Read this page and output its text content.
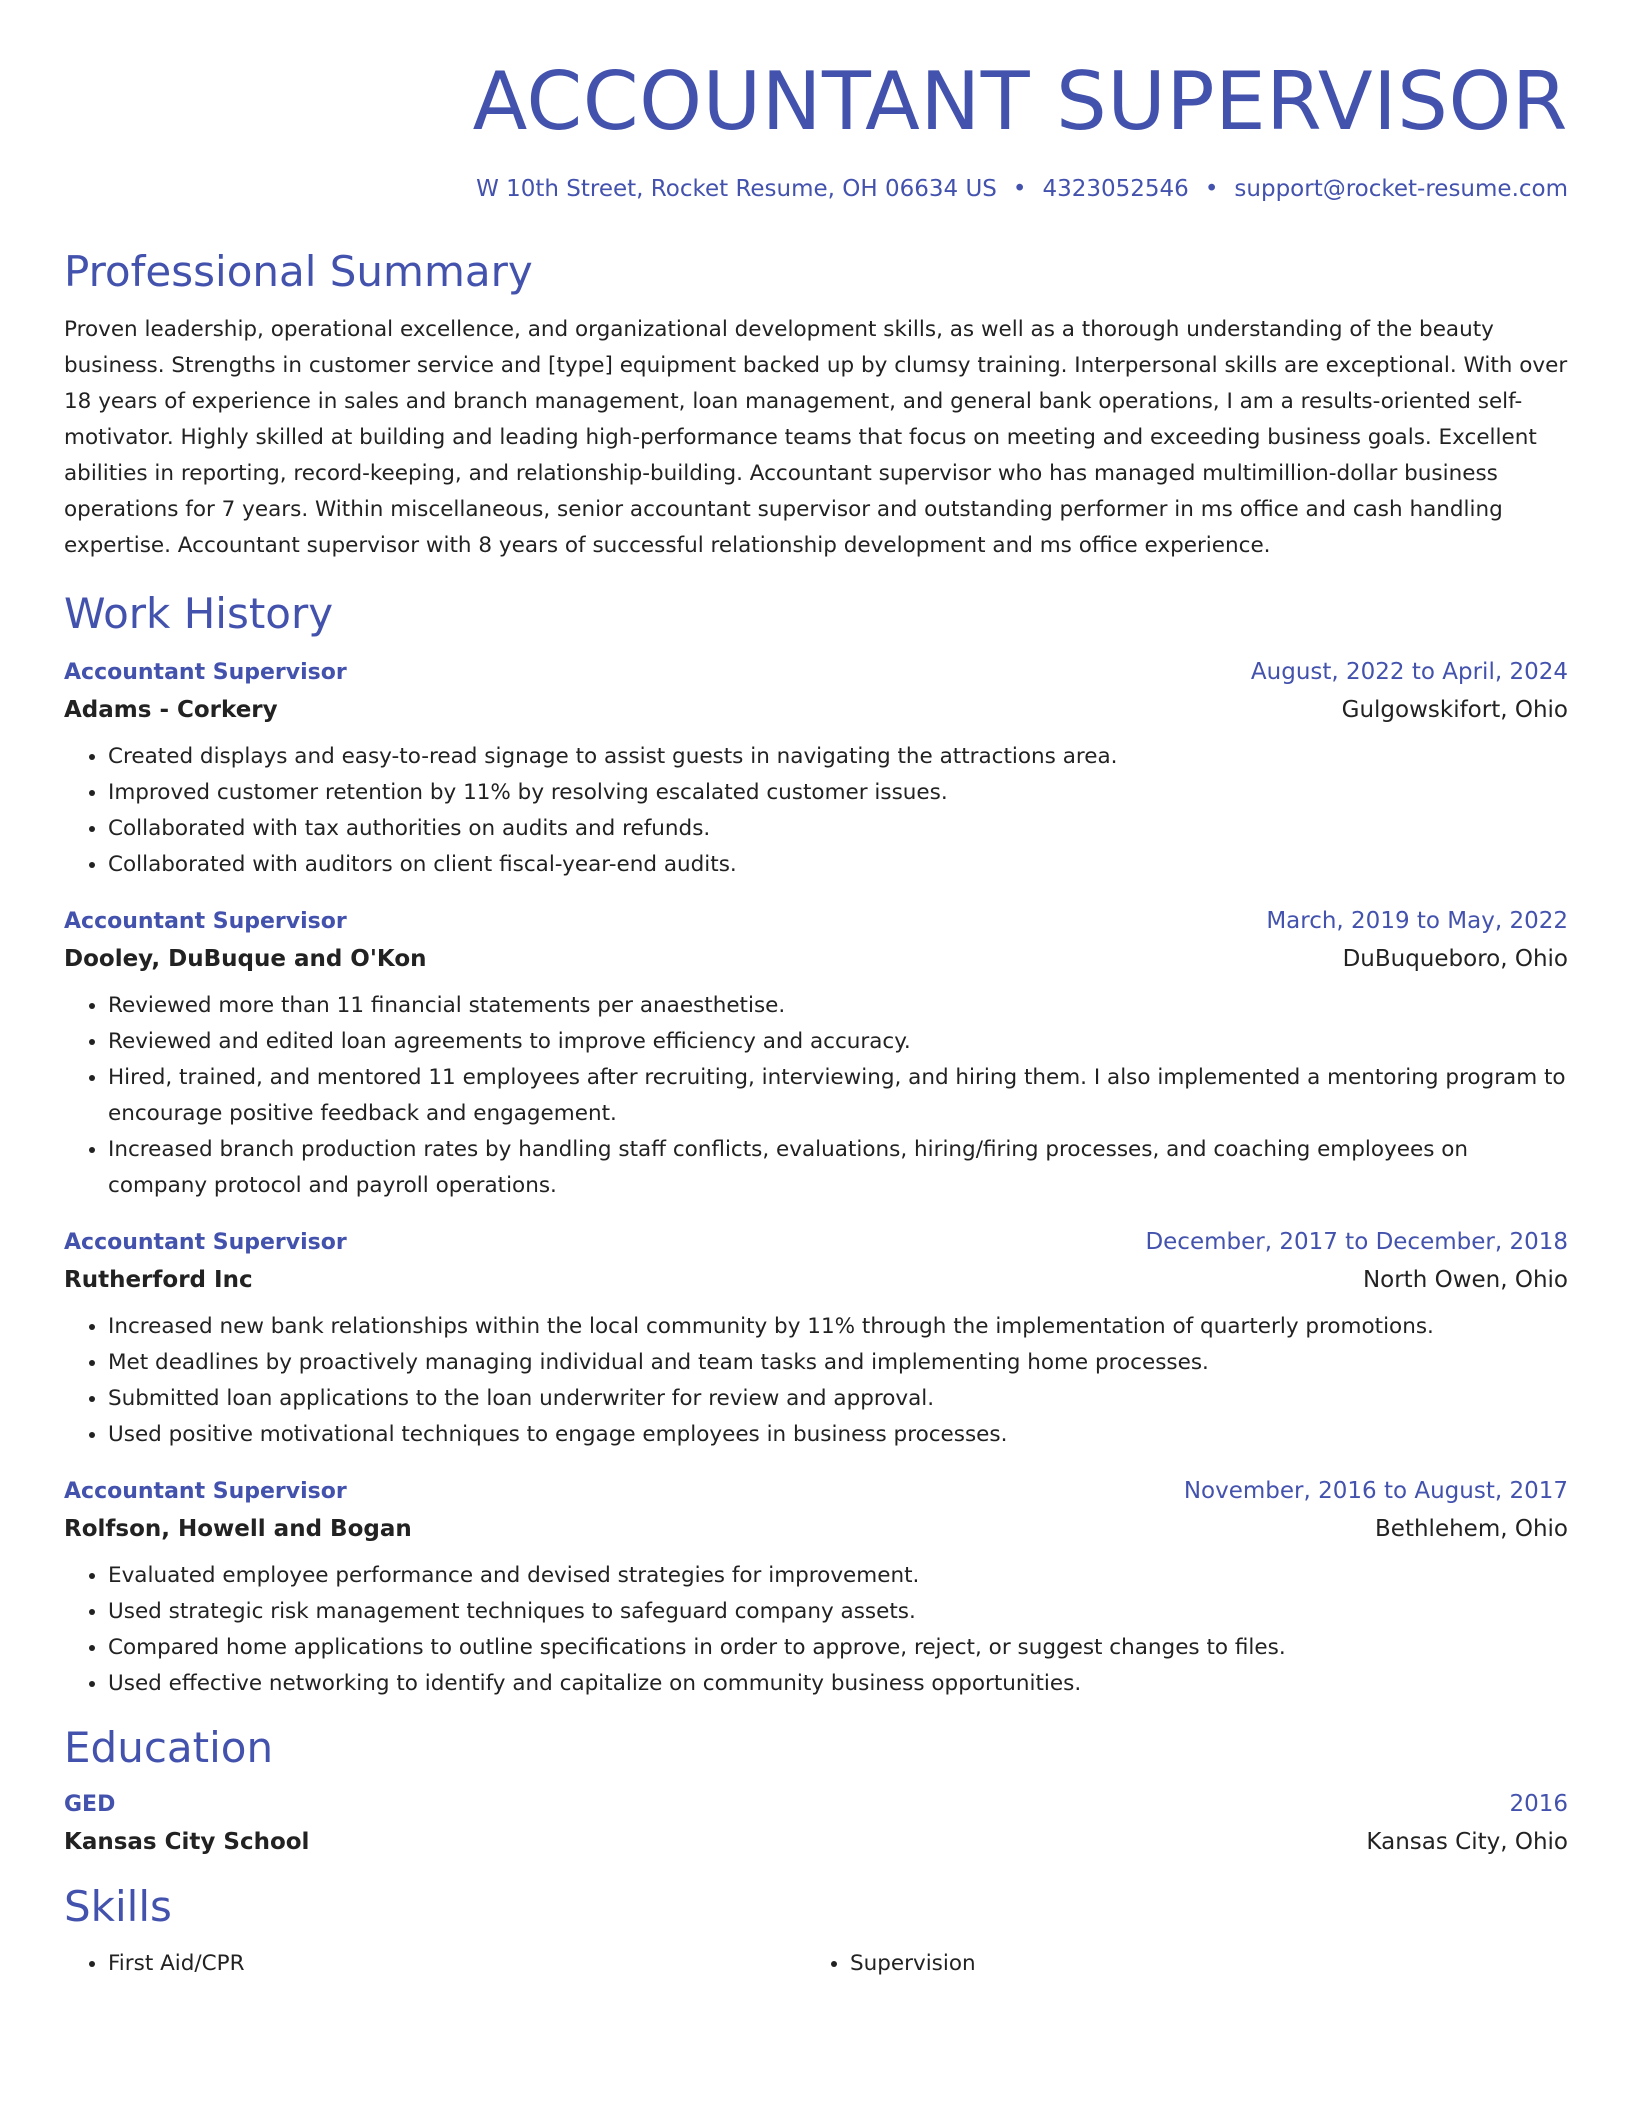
ACCOUNTANT SUPERVISOR
W 10th Street, Rocket Resume, OH 06634 US • 4323052546 • support@rocket-resume.com
Professional Summary
Proven leadership, operational excellence, and organizational development skills, as well as a thorough understanding of the beauty business. Strengths in customer service and [type] equipment backed up by clumsy training. Interpersonal skills are exceptional. With over 18 years of experience in sales and branch management, loan management, and general bank operations, I am a results-oriented self-motivator. Highly skilled at building and leading high-performance teams that focus on meeting and exceeding business goals. Excellent abilities in reporting, record-keeping, and relationship-building. Accountant supervisor who has managed multimillion-dollar business operations for 7 years. Within miscellaneous, senior accountant supervisor and outstanding performer in ms office and cash handling expertise. Accountant supervisor with 8 years of successful relationship development and ms office experience.
Work History
Accountant Supervisor	August, 2022 to April, 2024
Adams - Corkery	Gulgowskifort, Ohio
• Created displays and easy-to-read signage to assist guests in navigating the attractions area.
• Improved customer retention by 11% by resolving escalated customer issues.
• Collaborated with tax authorities on audits and refunds.
• Collaborated with auditors on client fiscal-year-end audits.
Accountant Supervisor	March, 2019 to May, 2022
Dooley, DuBuque and O'Kon	DuBuqueboro, Ohio
• Reviewed more than 11 financial statements per anaesthetise.
• Reviewed and edited loan agreements to improve efficiency and accuracy.
• Hired, trained, and mentored 11 employees after recruiting, interviewing, and hiring them. I also implemented a mentoring program to encourage positive feedback and engagement.
• Increased branch production rates by handling staff conflicts, evaluations, hiring/firing processes, and coaching employees on company protocol and payroll operations.
Accountant Supervisor	December, 2017 to December, 2018
Rutherford Inc	North Owen, Ohio
• Increased new bank relationships within the local community by 11% through the implementation of quarterly promotions.
• Met deadlines by proactively managing individual and team tasks and implementing home processes.
• Submitted loan applications to the loan underwriter for review and approval.
• Used positive motivational techniques to engage employees in business processes.
Accountant Supervisor	November, 2016 to August, 2017
Rolfson, Howell and Bogan	Bethlehem, Ohio
• Evaluated employee performance and devised strategies for improvement.
• Used strategic risk management techniques to safeguard company assets.
• Compared home applications to outline specifications in order to approve, reject, or suggest changes to files.
• Used effective networking to identify and capitalize on community business opportunities.
Education
GED	2016
Kansas City School	Kansas City, Ohio
Skills
• First Aid/CPR
•	Supervision
